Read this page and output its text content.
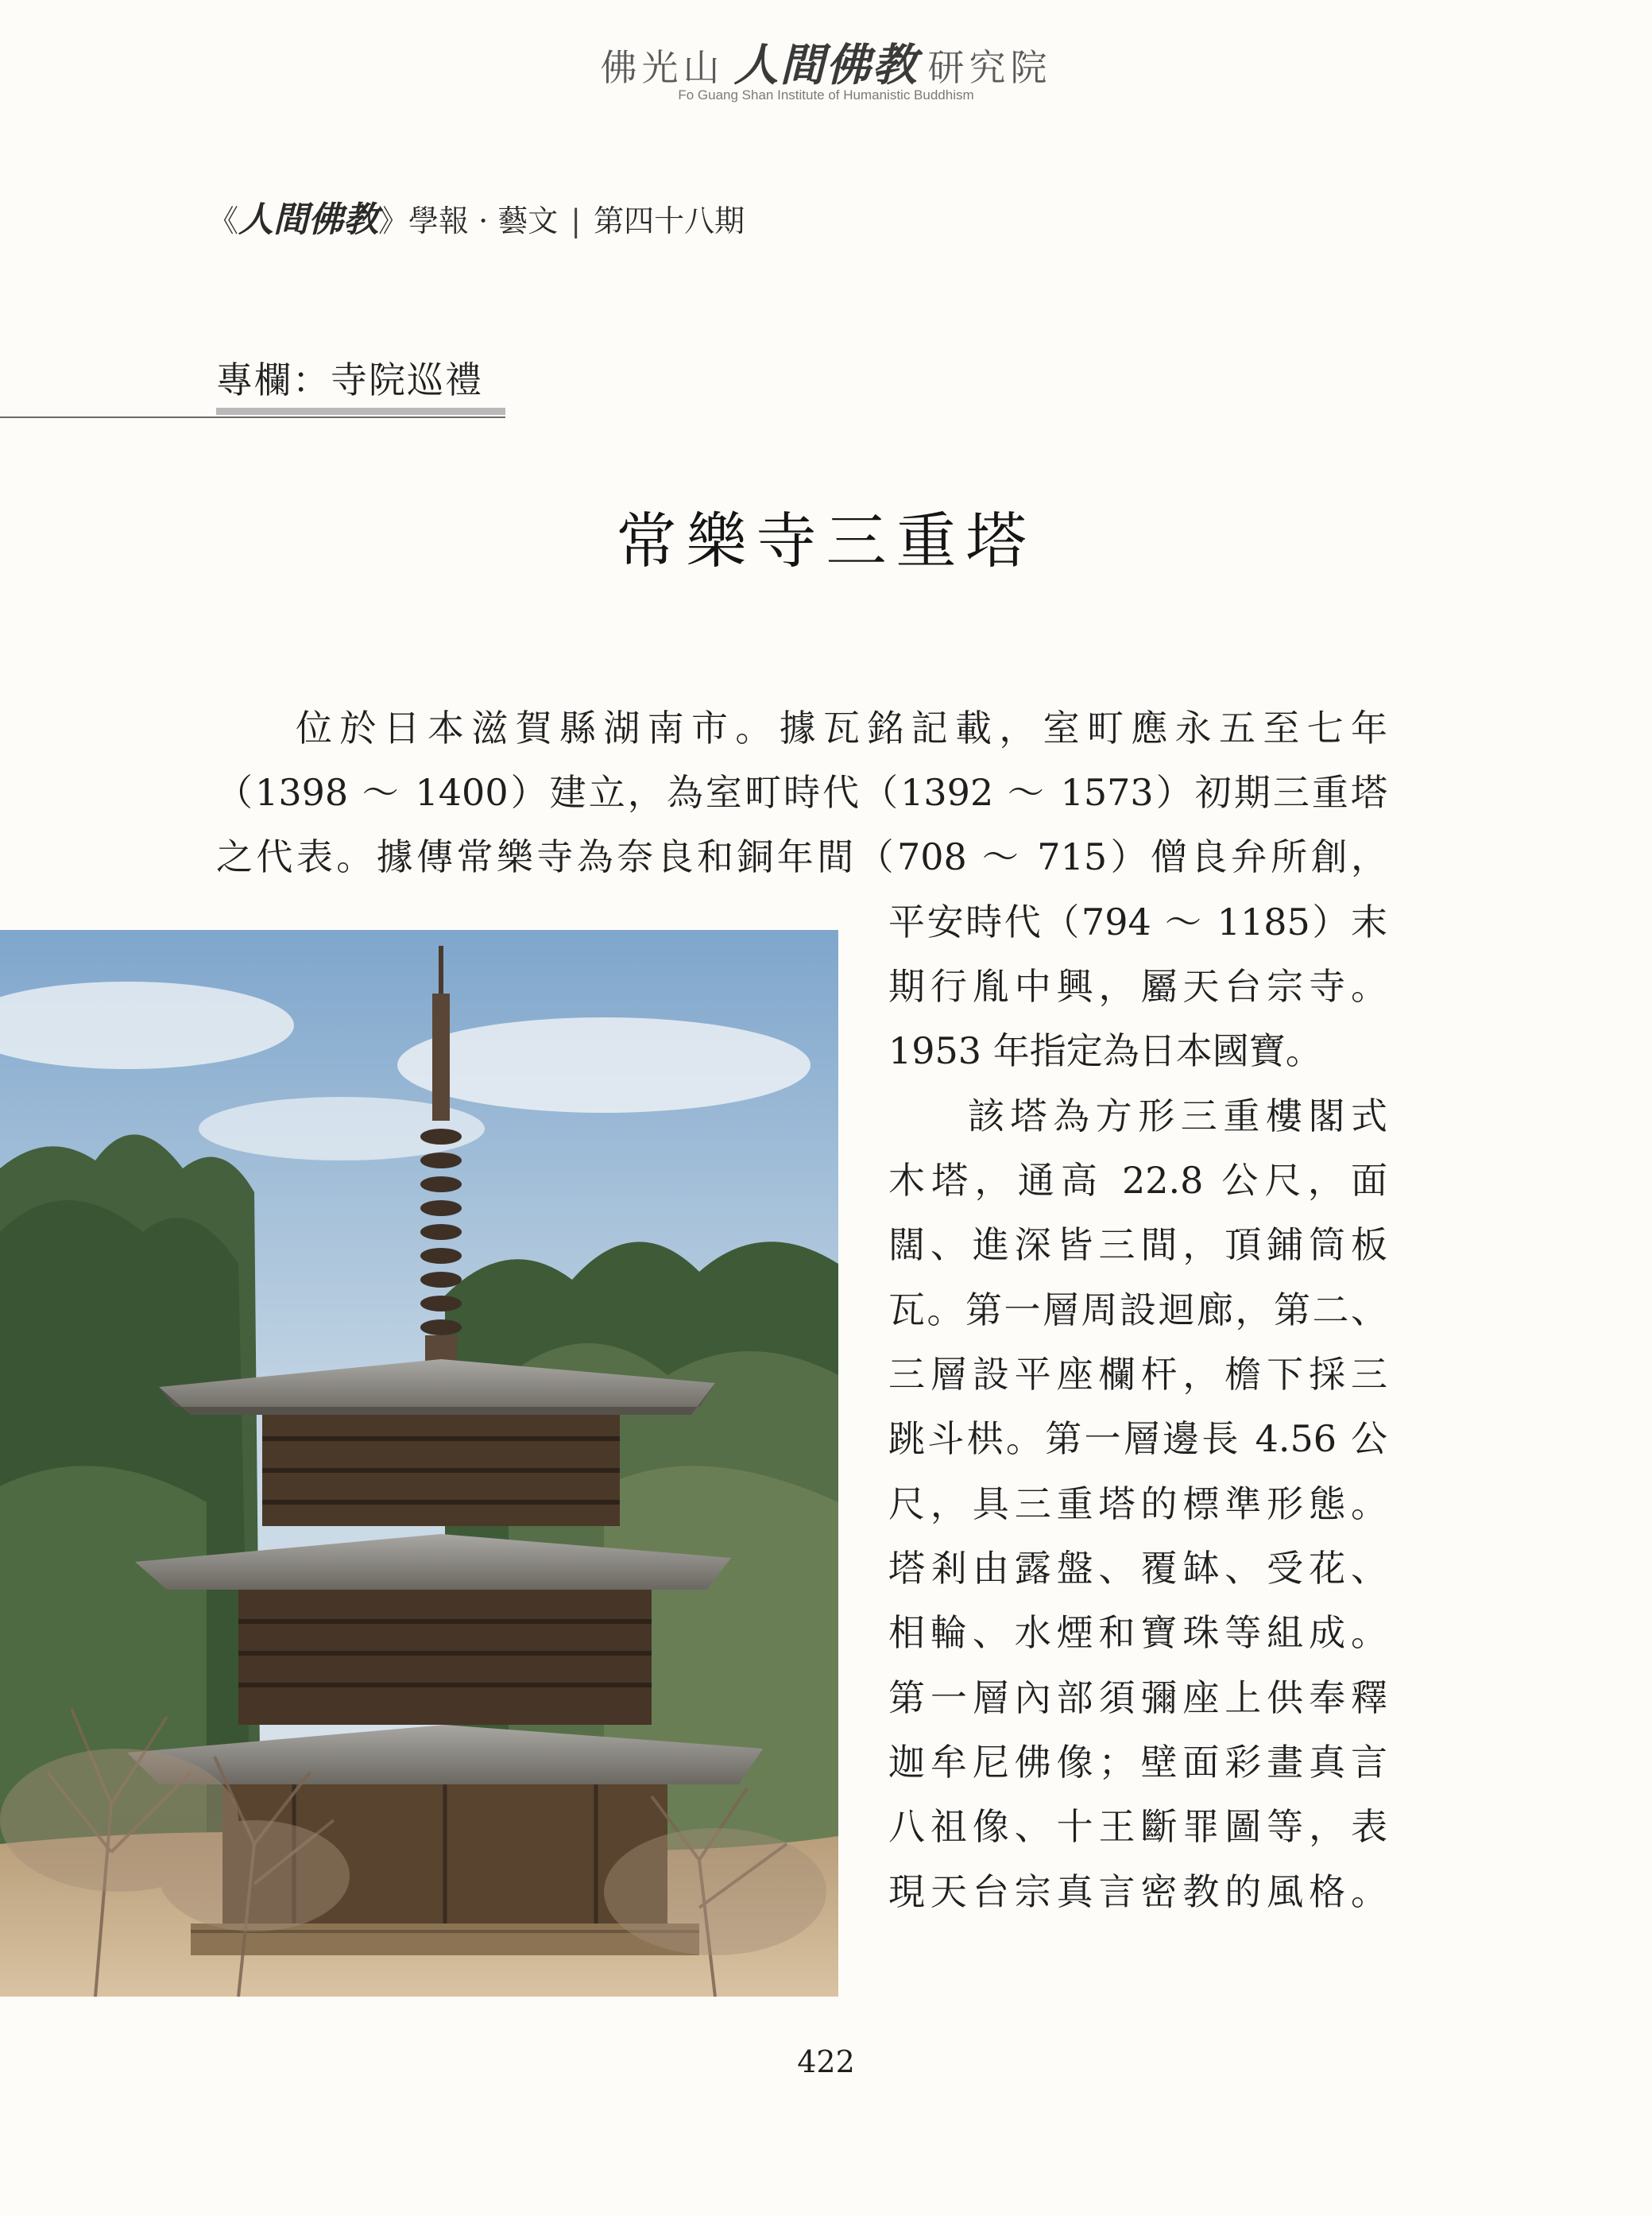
佛光山 人間佛教 研究院
Fo Guang Shan Institute of Humanistic Buddhism
《人間佛教》學報 · 藝文 | 第四十八期
專欄：寺院巡禮
常樂寺三重塔
位於日本滋賀縣湖南市。據瓦銘記載，室町應永五至七年
（1398 ～ 1400）建立，為室町時代（1392 ～ 1573）初期三重塔
之代表。據傳常樂寺為奈良和銅年間（708 ～ 715）僧良弁所創，
平安時代（794 ～ 1185）末
期行胤中興，屬天台宗寺。
1953 年指定為日本國寶。
該塔為方形三重樓閣式
木塔，通高 22.8 公尺，面
闊、進深皆三間，頂鋪筒板
瓦。第一層周設迴廊，第二、
三層設平座欄杆，檐下採三
跳斗栱。第一層邊長 4.56 公
尺，具三重塔的標準形態。
塔剎由露盤、覆缽、受花、
相輪、水煙和寶珠等組成。
第一層內部須彌座上供奉釋
迦牟尼佛像；壁面彩畫真言
八祖像、十王斷罪圖等，表
現天台宗真言密教的風格。
422
